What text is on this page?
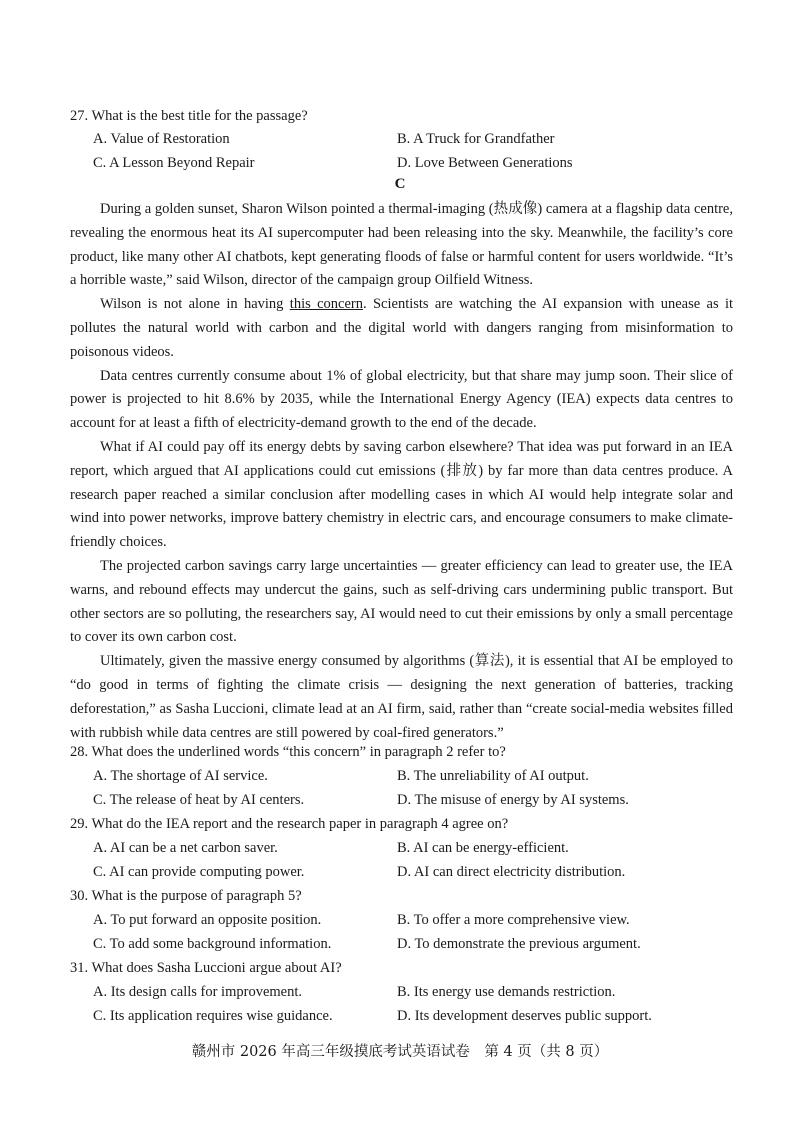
27. What is the best title for the passage?
A. Value of Restoration	B. A Truck for Grandfather
C. A Lesson Beyond Repair	D. Love Between Generations
C

During a golden sunset, Sharon Wilson pointed a thermal-imaging (热成像) camera at a flagship data centre, revealing the enormous heat its AI supercomputer had been releasing into the sky. Meanwhile, the facility’s core product, like many other AI chatbots, kept generating floods of false or harmful content for users worldwide. “It’s a horrible waste,” said Wilson, director of the campaign group Oilfield Witness.

Wilson is not alone in having this concern. Scientists are watching the AI expansion with unease as it pollutes the natural world with carbon and the digital world with dangers ranging from misinformation to poisonous videos.

Data centres currently consume about 1% of global electricity, but that share may jump soon. Their slice of power is projected to hit 8.6% by 2035, while the International Energy Agency (IEA) expects data centres to account for at least a fifth of electricity-demand growth to the end of the decade.

What if AI could pay off its energy debts by saving carbon elsewhere? That idea was put forward in an IEA report, which argued that AI applications could cut emissions (排放) by far more than data centres produce. A research paper reached a similar conclusion after modelling cases in which AI would help integrate solar and wind into power networks, improve battery chemistry in electric cars, and encourage consumers to make climate-friendly choices.

The projected carbon savings carry large uncertainties — greater efficiency can lead to greater use, the IEA warns, and rebound effects may undercut the gains, such as self-driving cars undermining public transport. But other sectors are so polluting, the researchers say, AI would need to cut their emissions by only a small percentage to cover its own carbon cost.

Ultimately, given the massive energy consumed by algorithms (算法), it is essential that AI be employed to “do good in terms of fighting the climate crisis — designing the next generation of batteries, tracking deforestation,” as Sasha Luccioni, climate lead at an AI firm, said, rather than “create social-media websites filled with rubbish while data centres are still powered by coal-fired generators.”

28. What does the underlined words “this concern” in paragraph 2 refer to?
A. The shortage of AI service.	B. The unreliability of AI output.
C. The release of heat by AI centers.	D. The misuse of energy by AI systems.
29. What do the IEA report and the research paper in paragraph 4 agree on?
A. AI can be a net carbon saver.	B. AI can be energy-efficient.
C. AI can provide computing power.	D. AI can direct electricity distribution.
30. What is the purpose of paragraph 5?
A. To put forward an opposite position.	B. To offer a more comprehensive view.
C. To add some background information.	D. To demonstrate the previous argument.
31. What does Sasha Luccioni argue about AI?
A. Its design calls for improvement.	B. Its energy use demands restriction.
C. Its application requires wise guidance.	D. Its development deserves public support.
赣州市 2026 年高三年级摸底考试英语试卷　第 4 页（共 8 页）
